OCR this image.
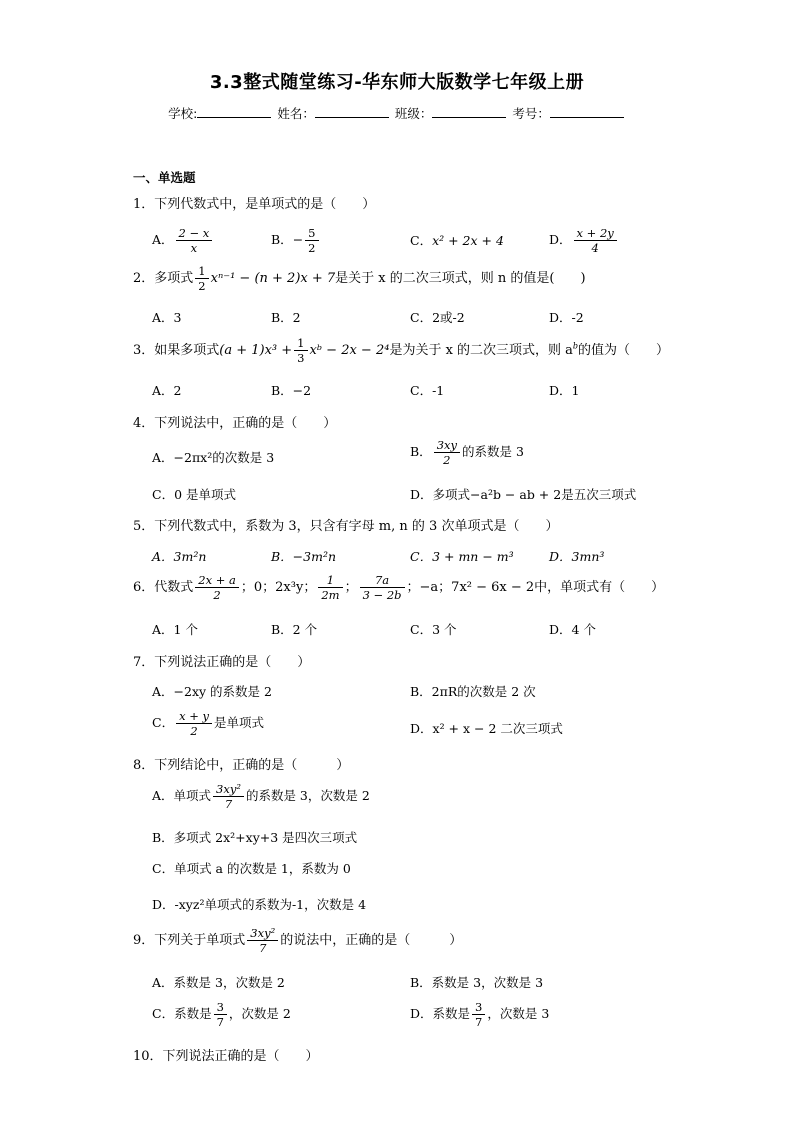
3.3整式随堂练习-华东师大版数学七年级上册
学校:	姓名：	班级：	考号：
一、单选题
1．下列代数式中，是单项式的是（　　）
A． $\frac{2 - x}{x}$	B．− $\frac{5}{2}$	C．x² + 2x + 4	D． $\frac{x + 2y}{4}$
2．多项式 $\frac{1}{2} x^{n-1} - (n + 2)x + 7$是关于 x 的二次三项式，则 n 的值是(　　)
A．3	B．2	C．2或-2	D．-2
3．如果多项式$(a + 1)x^3 + \frac{1}{3}$ xᵇ − 2x − 2⁴是为关于 x 的二次三项式，则 $a^b$的值为（　　）
A．2	B．−2	C．-1	D．1
4．下列说法中，正确的是（　　）
A．−2πx²的次数是 3	B． $\frac{3xy}{2}$ 的系数是 3
C．0 是单项式	D．多项式−a²b − ab + 2是五次三项式
5．下列代数式中，系数为 3，只含有字母 m, n 的 3 次单项式是（　　）
A．3m²n	B．−3m²n	C．3 + mn − m³	D．3mn³
6．代数式 $\frac{2x + a}{2}$ ；0；2x³y； $\frac{1}{2m}$ ； $\frac{7a}{3 - 2b}$ ；−a；7x² − 6x − 2中，单项式有（　　）
A．1 个	B．2 个	C．3 个	D．4 个
7．下列说法正确的是（　　）
A．−2xy 的系数是 2	B．2πR的次数是 2 次
C． $\frac{x + y}{2}$ 是单项式	D．x² + x − 2 二次三项式
8．下列结论中，正确的是（　　　）
A．单项式 $\frac{\text{3xy²}}{7}$ 的系数是 3，次数是 2
B．多项式 2x²+xy+3 是四次三项式
C．单项式 a 的次数是 1，系数为 0
D．-xyz²单项式的系数为-1，次数是 4
9．下列关于单项式 $\frac{\text{3xy²}}{7}$ 的说法中，正确的是（　　　）
A．系数是 3，次数是 2	B．系数是 3，次数是 3
C．系数是 $\frac{3}{7}$ ，次数是 2	D．系数是 $\frac{3}{7}$ ，次数是 3
10．下列说法正确的是（　　）
